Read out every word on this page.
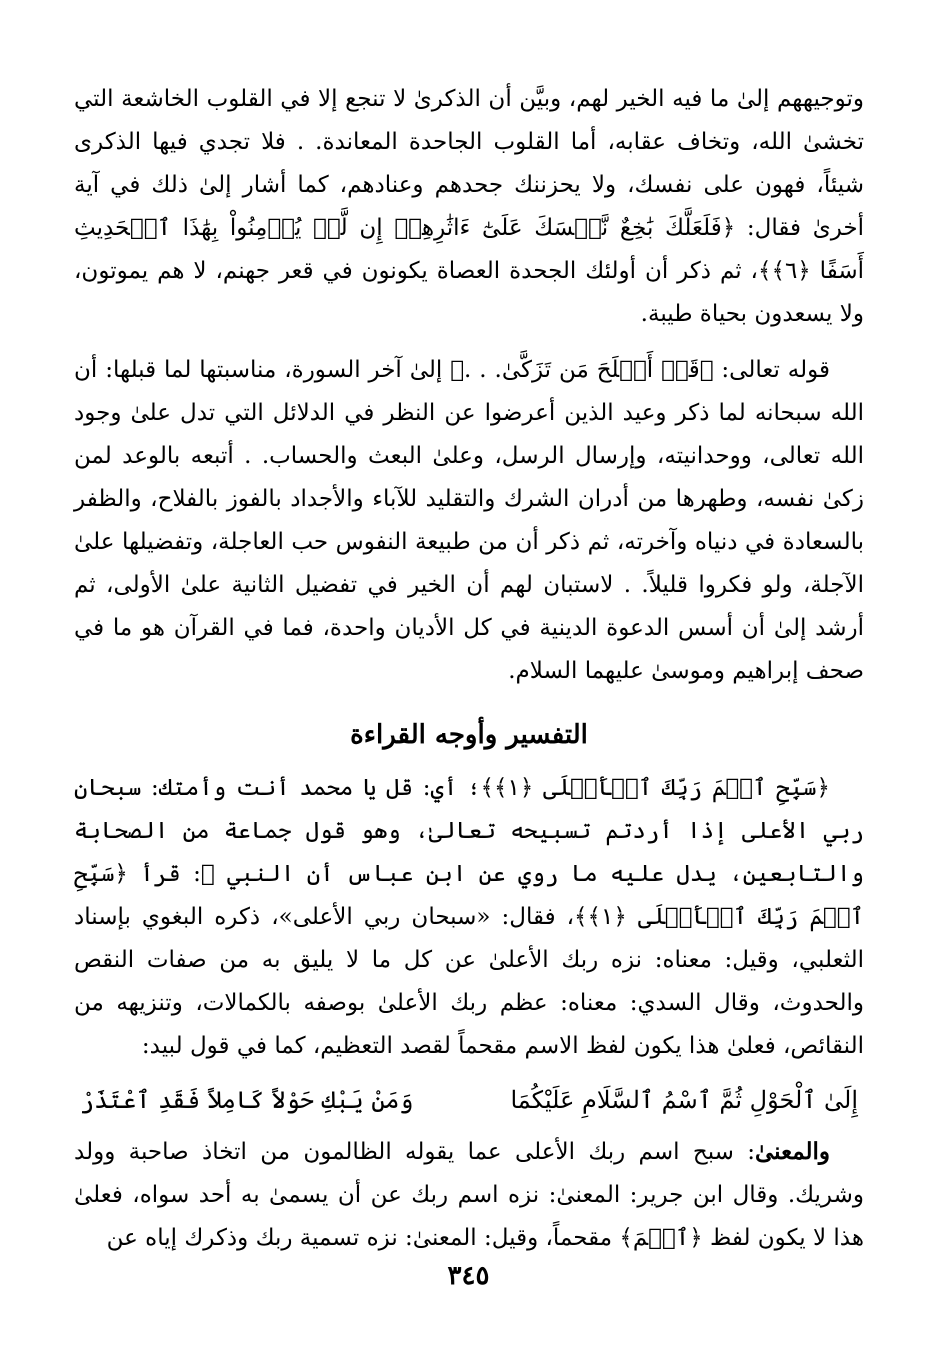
وتوجيههم إلىٰ ما فيه الخير لهم، وبيَّن أن الذكرىٰ لا تنجع إلا في القلوب الخاشعة التي تخشىٰ الله، وتخاف عقابه، أما القلوب الجاحدة المعاندة. . فلا تجدي فيها الذكرى شيئاً، فهون على نفسك، ولا يحزننك جحدهم وعنادهم، كما أشار إلىٰ ذلك في آية أخرىٰ فقال: ﴿فَلَعَلَّكَ بَٰخِعٌ نَّفۡسَكَ عَلَىٰٓ ءَاثَٰرِهِمۡ إِن لَّمۡ يُؤۡمِنُواْ بِهَٰذَا ٱلۡحَدِيثِ أَسَفًا ﴿٦﴾﴾، ثم ذكر أن أولئك الجحدة العصاة يكونون في قعر جهنم، لا هم يموتون، ولا يسعدون بحياة طيبة.

قوله تعالى: ﴿قَدۡ أَفۡلَحَ مَن تَزَكَّىٰ. . .﴾ إلىٰ آخر السورة، مناسبتها لما قبلها: أن الله سبحانه لما ذكر وعيد الذين أعرضوا عن النظر في الدلائل التي تدل علىٰ وجود الله تعالى، ووحدانيته، وإرسال الرسل، وعلىٰ البعث والحساب. . أتبعه بالوعد لمن زكىٰ نفسه، وطهرها من أدران الشرك والتقليد للآباء والأجداد بالفوز بالفلاح، والظفر بالسعادة في دنياه وآخرته، ثم ذكر أن من طبيعة النفوس حب العاجلة، وتفضيلها علىٰ الآجلة، ولو فكروا قليلاً. . لاستبان لهم أن الخير في تفضيل الثانية علىٰ الأولى، ثم أرشد إلىٰ أن أسس الدعوة الدينية في كل الأديان واحدة، فما في القرآن هو ما في صحف إبراهيم وموسىٰ عليهما السلام.

التفسير وأوجه القراءة

﴿سَبِّحِ ٱسۡمَ رَبِّكَ ٱلۡأَعۡلَى ﴿١﴾﴾؛ أي: قل يا محمد أنت وأمتك: سبحان ربي الأعلى إذا أردتم تسبيحه تعالىٰ، وهو قول جماعة من الصحابة والتابعين، يدل عليه ما روي عن ابن عباس أن النبي ﷺ: قرأ ﴿سَبِّحِ ٱسۡمَ رَبِّكَ ٱلۡأَعۡلَى ﴿١﴾﴾، فقال: «سبحان ربي الأعلى»، ذكره البغوي بإسناد الثعلبي، وقيل: معناه: نزه ربك الأعلىٰ عن كل ما لا يليق به من صفات النقص والحدوث، وقال السدي: معناه: عظم ربك الأعلىٰ بوصفه بالكمالات، وتنزيهه من النقائص، فعلىٰ هذا يكون لفظ الاسم مقحماً لقصد التعظيم، كما في قول لبيد:

إِلَىٰ ٱلْحَوْلِ ثُمَّ ٱسْمُ ٱلسَّلَامِ عَلَيْكُمَا
وَمَنْ يَبْكِ حَوْلاً كَامِلاً فَقَدِ ٱعْتَذَرْ

والمعنىٰ: سبح اسم ربك الأعلى عما يقوله الظالمون من اتخاذ صاحبة وولد وشريك. وقال ابن جرير: المعنىٰ: نزه اسم ربك عن أن يسمىٰ به أحد سواه، فعلىٰ هذا لا يكون لفظ ﴿ٱسۡمَ﴾ مقحماً، وقيل: المعنىٰ: نزه تسمية ربك وذكرك إياه عن

٣٤٥
